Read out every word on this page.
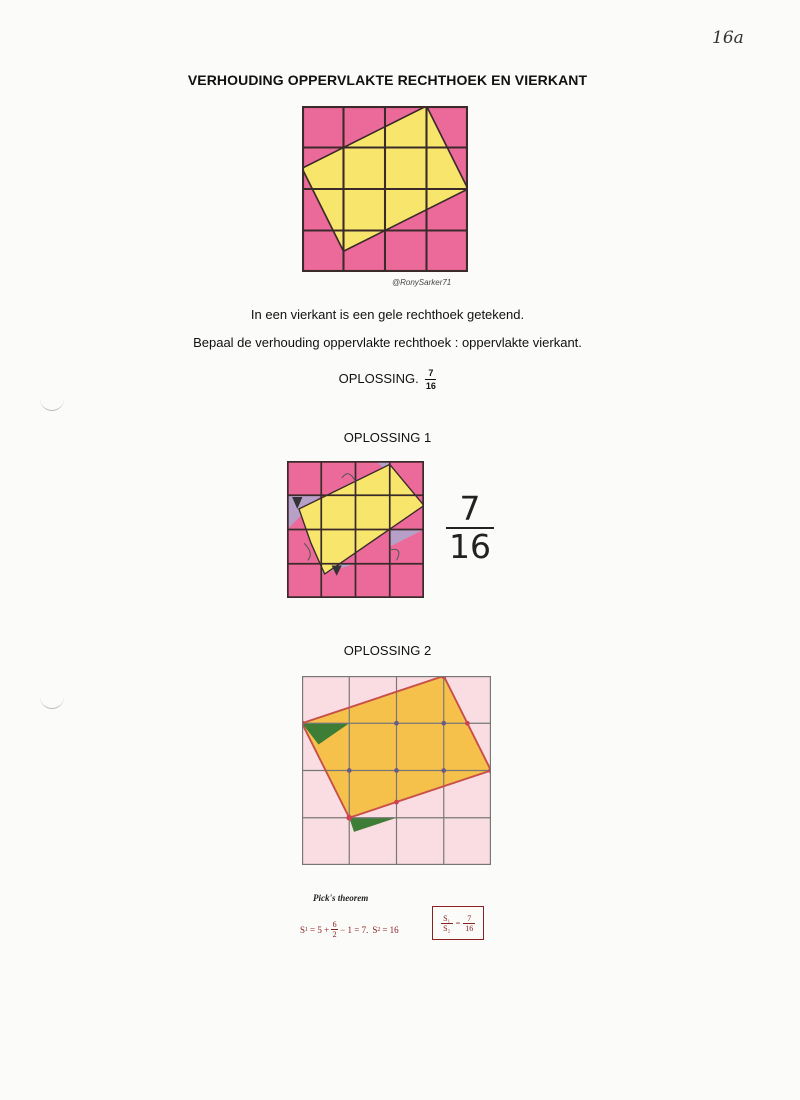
16a
VERHOUDING OPPERVLAKTE RECHTHOEK EN VIERKANT
@RonySarker71
In een vierkant is een gele rechthoek getekend.
Bepaal de verhouding oppervlakte rechthoek : oppervlakte vierkant.
OPLOSSING. $\frac{7}{16}$
OPLOSSING 1
7
16
OPLOSSING 2
Pick's theorem
S 1 = 5 + 6
2 − 1 = 7. S 2 = 16
S₁
S₂
=
7
16
